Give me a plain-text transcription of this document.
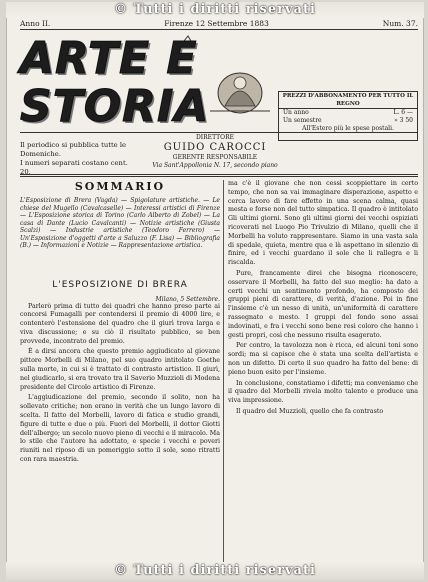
© Tutti i diritti riservati
Anno II.	Firenze 12 Settembre 1883	Num. 37.
ARTE E STORIA	PREZZI D'ABBONAMENTO PER TUTTO IL REGNO
Un anno	L. 6 —
Un semestre	» 3 50
All'Estero più le spese postali.
Il periodico si pubblica tutte le Domeniche.
I numeri separati costano cent. 20.
DIRETTORE
GUIDO CAROCCI
GERENTE RESPONSABILE
Via Sant'Appollonia N. 17, secondo piano
SOMMARIO
L'Esposizione di Brera (Vagda) — Spigolature artistiche. — Le chiese del Mugello (Cavalcaselle) — Interessi artistici di Firenze — L'Esposizione storica di Torino (Carlo Alberto di Zobel) — La casa di Dante (Lucio Cavalcanti) — Notizie artistiche (Giusta Scalzi) — Industrie artistiche (Teodoro Ferrero) — Un'Esposizione d'oggetti d'arte a Saluzzo (F. Lisa) — Bibliografia (B.) — Informazioni e Notizie — Rappresentazione artistica.
L'ESPOSIZIONE DI BRERA
Milano, 5 Settembre.

Parlerò prima di tutto dei quadri che hanno preso parte ai concorsi Fumagalli per contendersi il premio di 4000 lire, e contenterò l'estensione del quadro che il giurì trova larga e viva discussione; e su ciò il risultato pubblico, se ben provvede, incontrato del premio.

È a dirsi ancora che questo premio aggiudicato al giovane pittore Morbelli di Milano, pel suo quadro intitolato Goethe sulla morte, in cui si è trattato di contrasto artistico. Il giurì, nel giudicarlo, si era trovato tra il Saverio Muzzioli di Modena presidente del Circolo artistico di Firenze.

L'aggiudicazione del premio, secondo il solito, non ha sollevato critiche; non erano in verità che un lungo lavoro di scelta. Il fatto del Morbelli, lavoro di fatica e studio grandi, figure di tutte e due o più. Fuori del Morbelli, il dottor Giotti dell'albergo; un secolo nuovo pieno di vecchi e il miracolo. Ma lo stile che l'autore ha adottato, e specie i vecchi e poveri riuniti nel riposo di un pomeriggio sotto il sole, sono ritratti con rara maestria.

ma c'è il giovane che non cessi scoppiettare in certo tempo, che non sa vai immaginare disperazione, aspetto e cerca lavoro di fare effetto in una scena calma, quasi mesta e forse non del tutto simpatica. Il quadro è intitolato Gli ultimi giorni. Sono gli ultimi giorni dei vecchi ospiziati ricoverati nel Luogo Pio Trivulzio di Milano, quelli che il Morbelli ha voluto rappresentare. Siamo in una vasta sala di spedale, quieta, mentre qua e là aspettano in silenzio di finire, ed i vecchi guardano il sole che li rallegra e li riscalda.

Pure, francamente direi che bisogna riconoscere, osservare il Morbelli, ha fatto del suo meglio: ha dato a certi vecchi un sentimento profondo, ha composto dei gruppi pieni di carattere, di verità, d'azione. Poi in fine l'insieme c'è un nesso di unità, un'uniformità di carattere rassegnato e mesto. I gruppi del fondo sono assai indovinati, e fra i vecchi sono bene resi coloro che hanno i gesti propri, così che nessuno risulta esagerato.

Per contro, la tavolozza non è ricca, ed alcuni toni sono sordi; ma si capisce che è stata una scelta dell'artista e non un difetto. Di certo il suo quadro ha fatto del bene: di pieno buon esito per l'insieme.

In conclusione, constatiamo i difetti; ma conveniamo che il quadro del Morbelli rivela molto talento e produce una viva impressione.

Il quadro del Muzzioli, quello che fa contrasto

© Tutti i diritti riservati
